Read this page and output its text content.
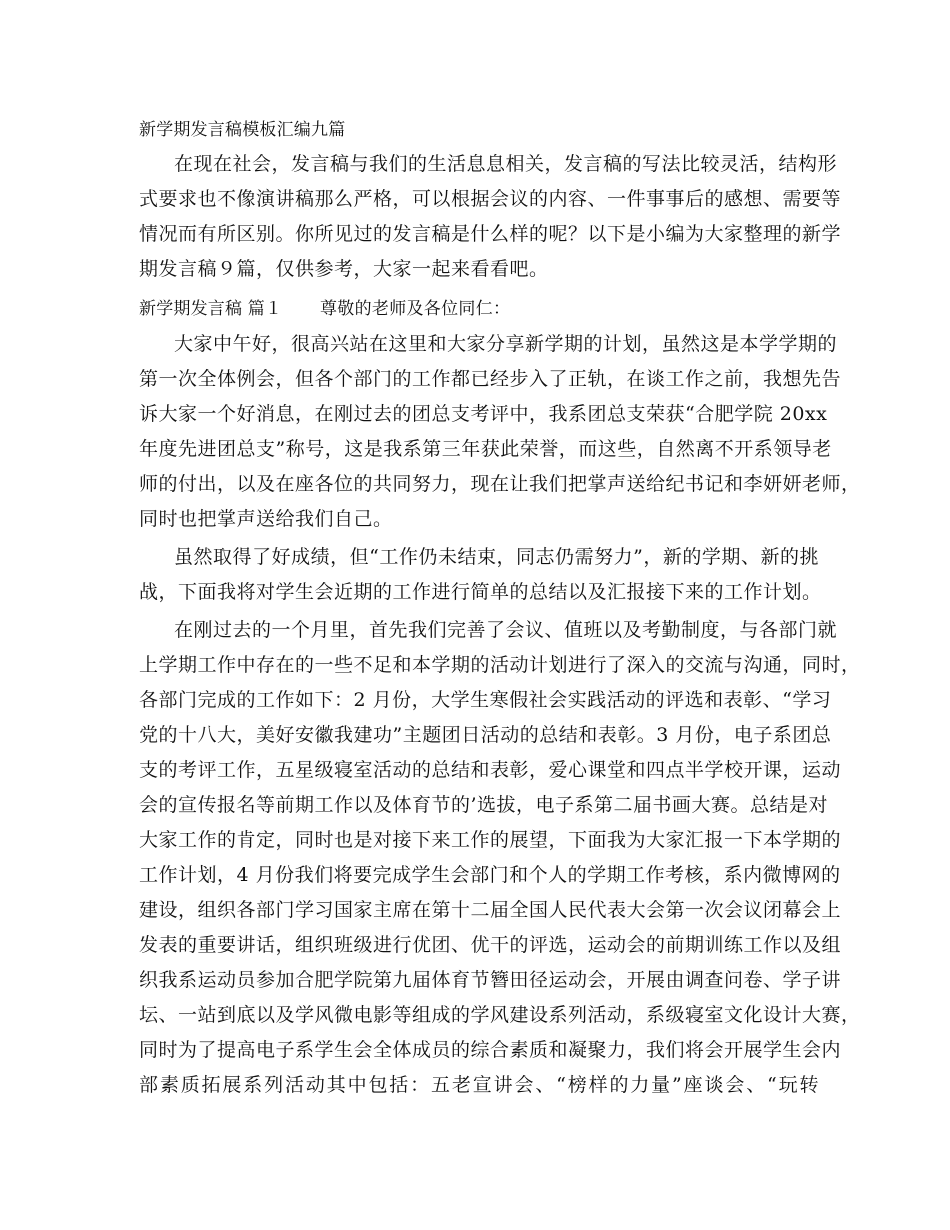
新学期发言稿模板汇编九篇
在现在社会，发言稿与我们的生活息息相关，发言稿的写法比较灵活，结构形
式要求也不像演讲稿那么严格，可以根据会议的内容、一件事事后的感想、需要等
情况而有所区别。你所见过的发言稿是什么样的呢？以下是小编为大家整理的新学
期发言稿９篇，仅供参考，大家一起来看看吧。
新学期发言稿 篇１	尊敬的老师及各位同仁：
大家中午好，很高兴站在这里和大家分享新学期的计划，虽然这是本学学期的
第一次全体例会，但各个部门的工作都已经步入了正轨，在谈工作之前，我想先告
诉大家一个好消息，在刚过去的团总支考评中，我系团总支荣获“合肥学院 20xx
年度先进团总支”称号，这是我系第三年获此荣誉，而这些，自然离不开系领导老
师的付出，以及在座各位的共同努力，现在让我们把掌声送给纪书记和李妍妍老师，
同时也把掌声送给我们自己。
虽然取得了好成绩，但“工作仍未结束，同志仍需努力”，新的学期、新的挑
战，下面我将对学生会近期的工作进行简单的总结以及汇报接下来的工作计划。
在刚过去的一个月里，首先我们完善了会议、值班以及考勤制度，与各部门就
上学期工作中存在的一些不足和本学期的活动计划进行了深入的交流与沟通，同时，
各部门完成的工作如下：2 月份，大学生寒假社会实践活动的评选和表彰、“学习
党的十八大，美好安徽我建功”主题团日活动的总结和表彰。3 月份，电子系团总
支的考评工作，五星级寝室活动的总结和表彰，爱心课堂和四点半学校开课，运动
会的宣传报名等前期工作以及体育节的’选拔，电子系第二届书画大赛。总结是对
大家工作的肯定，同时也是对接下来工作的展望，下面我为大家汇报一下本学期的
工作计划，4 月份我们将要完成学生会部门和个人的学期工作考核，系内微博网的
建设，组织各部门学习国家主席在第十二届全国人民代表大会第一次会议闭幕会上
发表的重要讲话，组织班级进行优团、优干的评选，运动会的前期训练工作以及组
织我系运动员参加合肥学院第九届体育节簪田径运动会，开展由调查问卷、学子讲
坛、一站到底以及学风微电影等组成的学风建设系列活动，系级寝室文化设计大赛，
同时为了提高电子系学生会全体成员的综合素质和凝聚力，我们将会开展学生会内
部素质拓展系列活动其中包括：五老宣讲会、“榜样的力量”座谈会、“玩转
